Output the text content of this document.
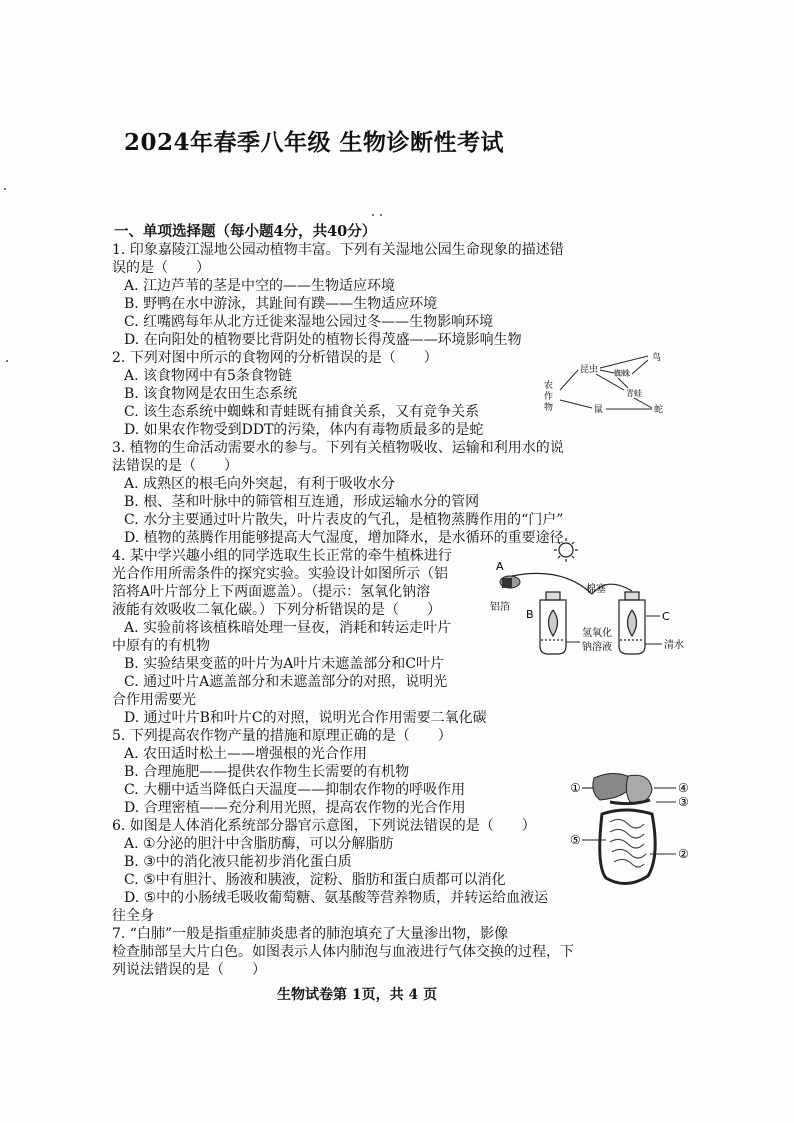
2024年春季八年级 生物诊断性考试
一、单项选择题（每小题4分，共40分）
1. 印象嘉陵江湿地公园动植物丰富。下列有关湿地公园生命现象的描述错
误的是（　　）
A. 江边芦苇的茎是中空的——生物适应环境
B. 野鸭在水中游泳，其趾间有蹼——生物适应环境
C. 红嘴鸥每年从北方迁徙来湿地公园过冬——生物影响环境
D. 在向阳处的植物要比背阴处的植物长得茂盛——环境影响生物
2. 下列对图中所示的食物网的分析错误的是（　　）
A. 该食物网中有5条食物链
B. 该食物网是农田生态系统
C. 该生态系统中蜘蛛和青蛙既有捕食关系，又有竞争关系
D. 如果农作物受到DDT的污染，体内有毒物质最多的是蛇
农
作
物
昆虫 蜘蛛
鸟
青蛙
鼠	蛇
3. 植物的生命活动需要水的参与。下列有关植物吸收、运输和利用水的说
法错误的是（　　）
A. 成熟区的根毛向外突起，有利于吸收水分
B. 根、茎和叶脉中的筛管相互连通，形成运输水分的管网
C. 水分主要通过叶片散失，叶片表皮的气孔，是植物蒸腾作用的“门户”
D. 植物的蒸腾作用能够提高大气湿度，增加降水，是水循环的重要途径
4. 某中学兴趣小组的同学选取生长正常的牵牛植株进行
光合作用所需条件的探究实验。实验设计如图所示（铝
箔将A叶片部分上下两面遮盖）。（提示：氢氧化钠溶
液能有效吸收二氧化碳。）下列分析错误的是（　　）
A. 实验前将该植株暗处理一昼夜，消耗和转运走叶片
中原有的有机物
B. 实验结果变蓝的叶片为A叶片未遮盖部分和C叶片
C. 通过叶片A遮盖部分和未遮盖部分的对照，说明光
合作用需要光
D. 通过叶片B和叶片C的对照，说明光合作用需要二氧化碳
A
铝箔
B
棉塞
C
氢氧化
钠溶液	清水
5. 下列提高农作物产量的措施和原理正确的是（　　）
A. 农田适时松土——增强根的光合作用
B. 合理施肥——提供农作物生长需要的有机物
C. 大棚中适当降低白天温度——抑制农作物的呼吸作用
D. 合理密植——充分利用光照，提高农作物的光合作用
6. 如图是人体消化系统部分器官示意图，下列说法错误的是（　　）
A. ①分泌的胆汁中含脂肪酶，可以分解脂肪
B. ③中的消化液只能初步消化蛋白质
C. ⑤中有胆汁、肠液和胰液，淀粉、脂肪和蛋白质都可以消化
D. ⑤中的小肠绒毛吸收葡萄糖、氨基酸等营养物质，并转运给血液运
往全身
①
②
③
④
⑤
7. “白肺”一般是指重症肺炎患者的肺泡填充了大量渗出物，影像
检查肺部呈大片白色。如图表示人体内肺泡与血液进行气体交换的过程，下
列说法错误的是（　　）
生物试卷第 1页，共 4 页
